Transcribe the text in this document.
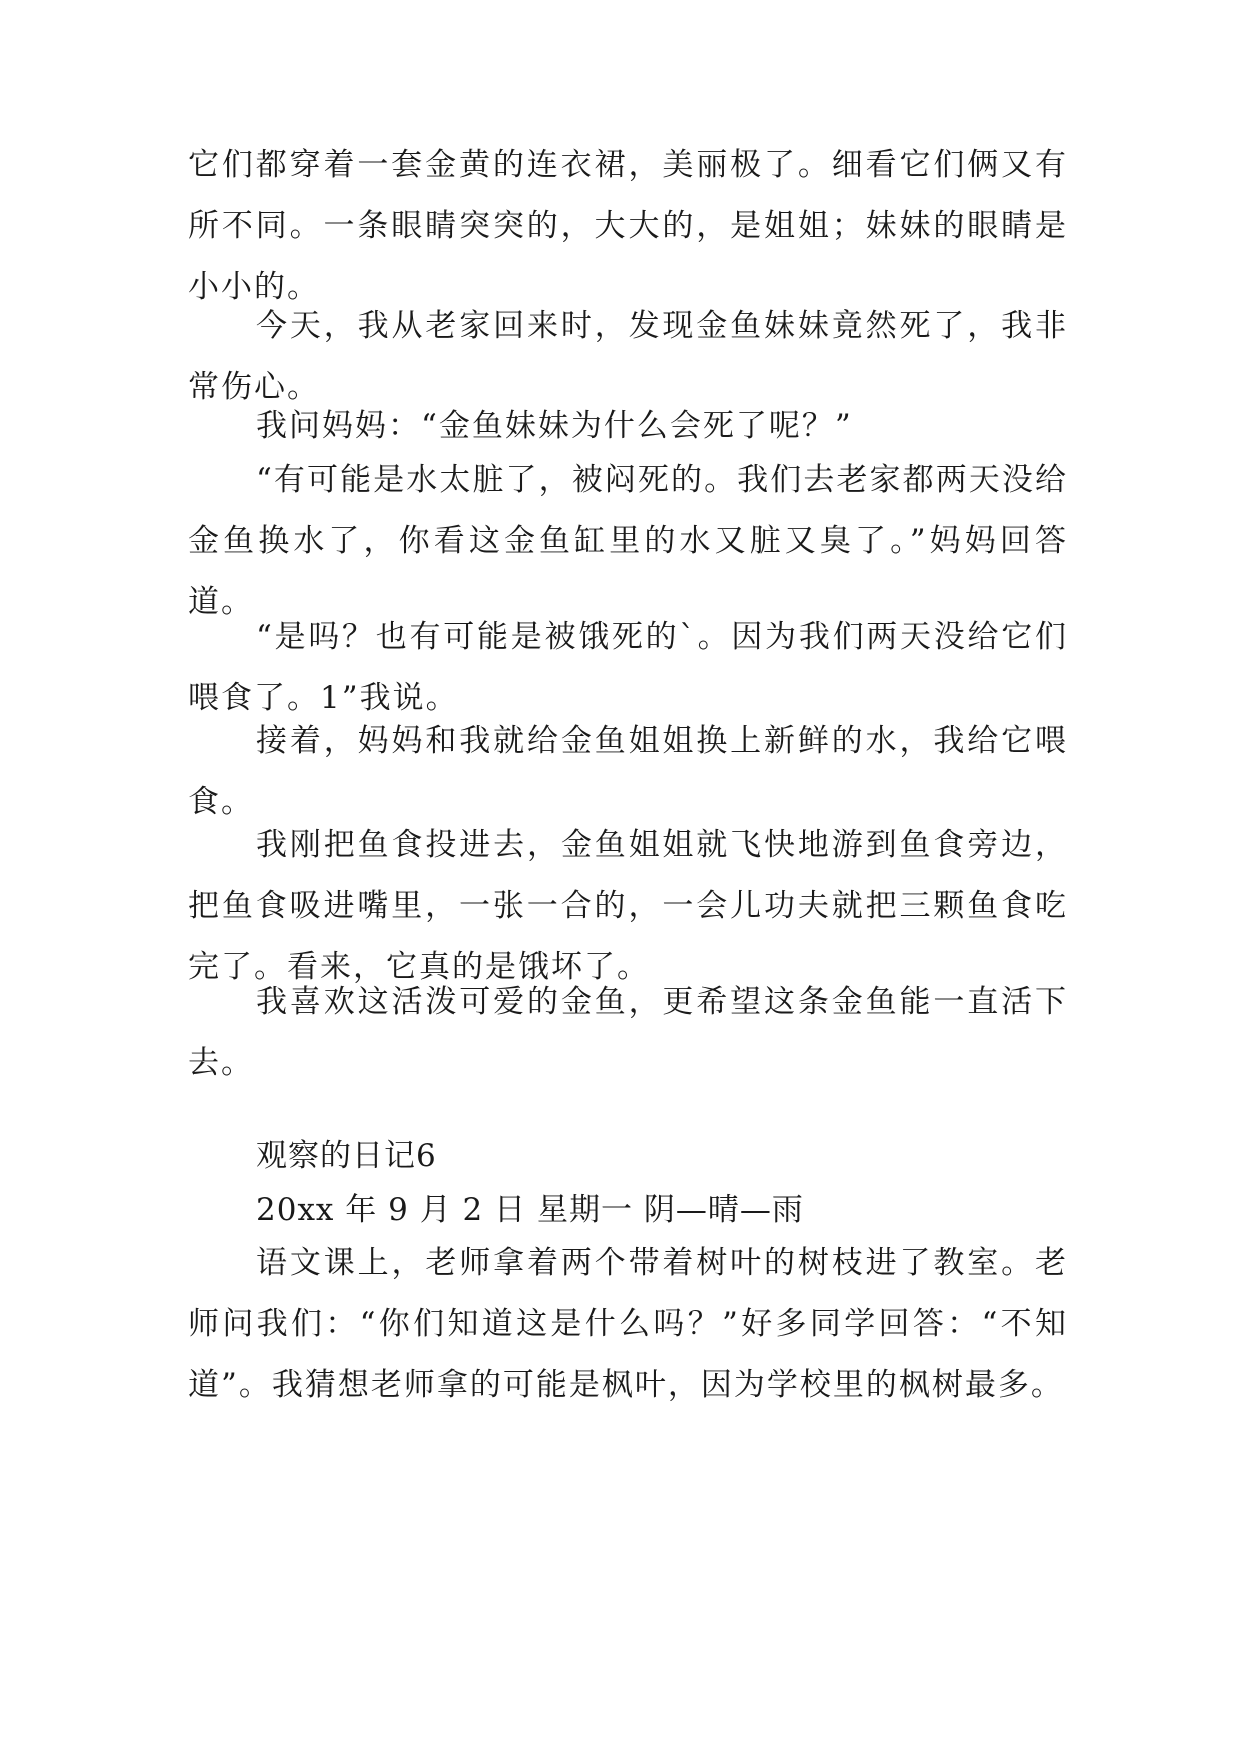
它们都穿着一套金黄的连衣裙，美丽极了。细看它们俩又有所不同。一条眼睛突突的，大大的，是姐姐；妹妹的眼睛是小小的。

今天，我从老家回来时，发现金鱼妹妹竟然死了，我非常伤心。

我问妈妈：“金鱼妹妹为什么会死了呢？”

“有可能是水太脏了，被闷死的。我们去老家都两天没给金鱼换水了，你看这金鱼缸里的水又脏又臭了。”妈妈回答道。

“是吗？也有可能是被饿死的`。因为我们两天没给它们喂食了。1”我说。

接着，妈妈和我就给金鱼姐姐换上新鲜的水，我给它喂食。

我刚把鱼食投进去，金鱼姐姐就飞快地游到鱼食旁边，把鱼食吸进嘴里，一张一合的，一会儿功夫就把三颗鱼食吃完了。看来，它真的是饿坏了。

我喜欢这活泼可爱的金鱼，更希望这条金鱼能一直活下去。

观察的日记6

20xx 年 9 月 2 日 星期一 阴—晴—雨

语文课上，老师拿着两个带着树叶的树枝进了教室。老师问我们：“你们知道这是什么吗？”好多同学回答：“不知道”。我猜想老师拿的可能是枫叶，因为学校里的枫树最多。
